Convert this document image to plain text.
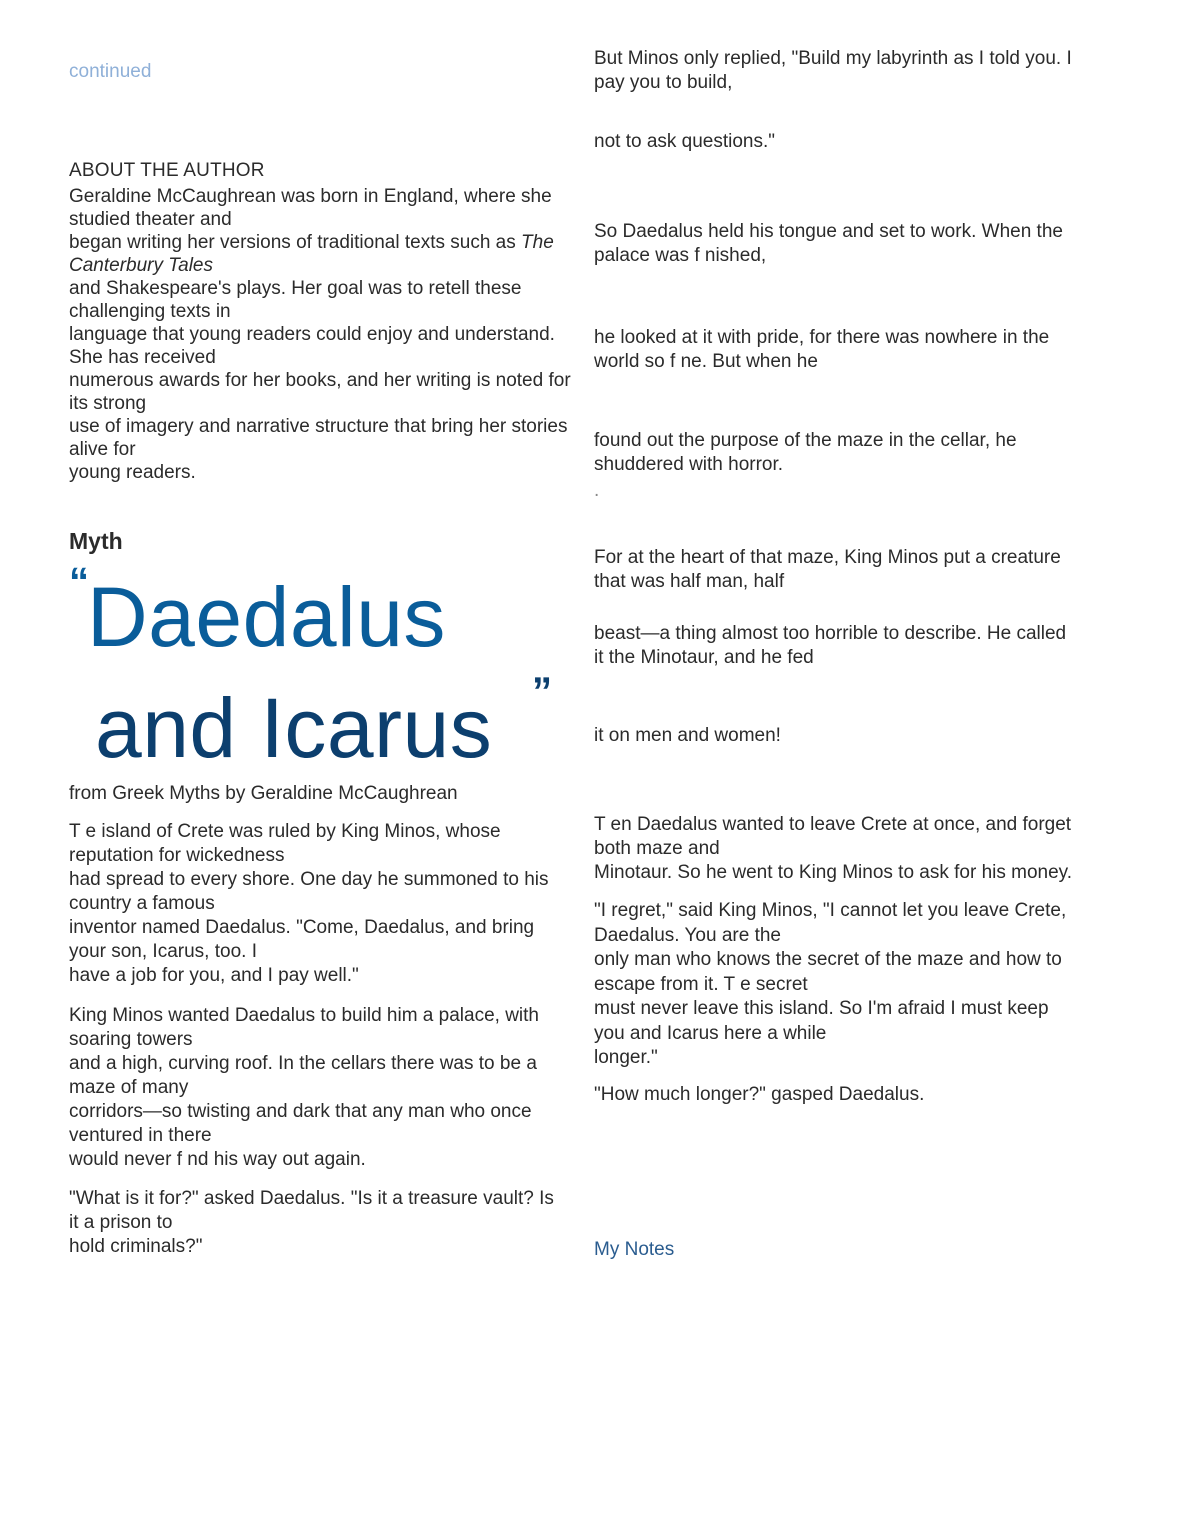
continued
ABOUT THE AUTHOR
Geraldine McCaughrean was born in England, where she
studied theater and
began writing her versions of traditional texts such as The
Canterbury Tales
and Shakespeare's plays. Her goal was to retell these
challenging texts in
language that young readers could enjoy and understand.
She has received
numerous awards for her books, and her writing is noted for
its strong
use of imagery and narrative structure that bring her stories
alive for
young readers.
Myth
“
Daedalus
and Icarus ”
from Greek Myths by Geraldine McCaughrean
T e island of Crete was ruled by King Minos, whose
reputation for wickedness
had spread to every shore. One day he summoned to his
country a famous
inventor named Daedalus. "Come, Daedalus, and bring
your son, Icarus, too. I
have a job for you, and I pay well."
King Minos wanted Daedalus to build him a palace, with
soaring towers
and a high, curving roof. In the cellars there was to be a
maze of many
corridors—so twisting and dark that any man who once
ventured in there
would never f nd his way out again.
"What is it for?" asked Daedalus. "Is it a treasure vault? Is
it a prison to
hold criminals?"
But Minos only replied, "Build my labyrinth as I told you. I
pay you to build,
not to ask questions."
So Daedalus held his tongue and set to work. When the
palace was f nished,
he looked at it with pride, for there was nowhere in the
world so f ne. But when he
found out the purpose of the maze in the cellar, he
shuddered with horror.
.
For at the heart of that maze, King Minos put a creature
that was half man, half
beast—a thing almost too horrible to describe. He called
it the Minotaur, and he fed
it on men and women!
T en Daedalus wanted to leave Crete at once, and forget
both maze and
Minotaur. So he went to King Minos to ask for his money.
"I regret," said King Minos, "I cannot let you leave Crete,
Daedalus. You are the
only man who knows the secret of the maze and how to
escape from it. T e secret
must never leave this island. So I'm afraid I must keep
you and Icarus here a while
longer."
"How much longer?" gasped Daedalus.
My Notes
